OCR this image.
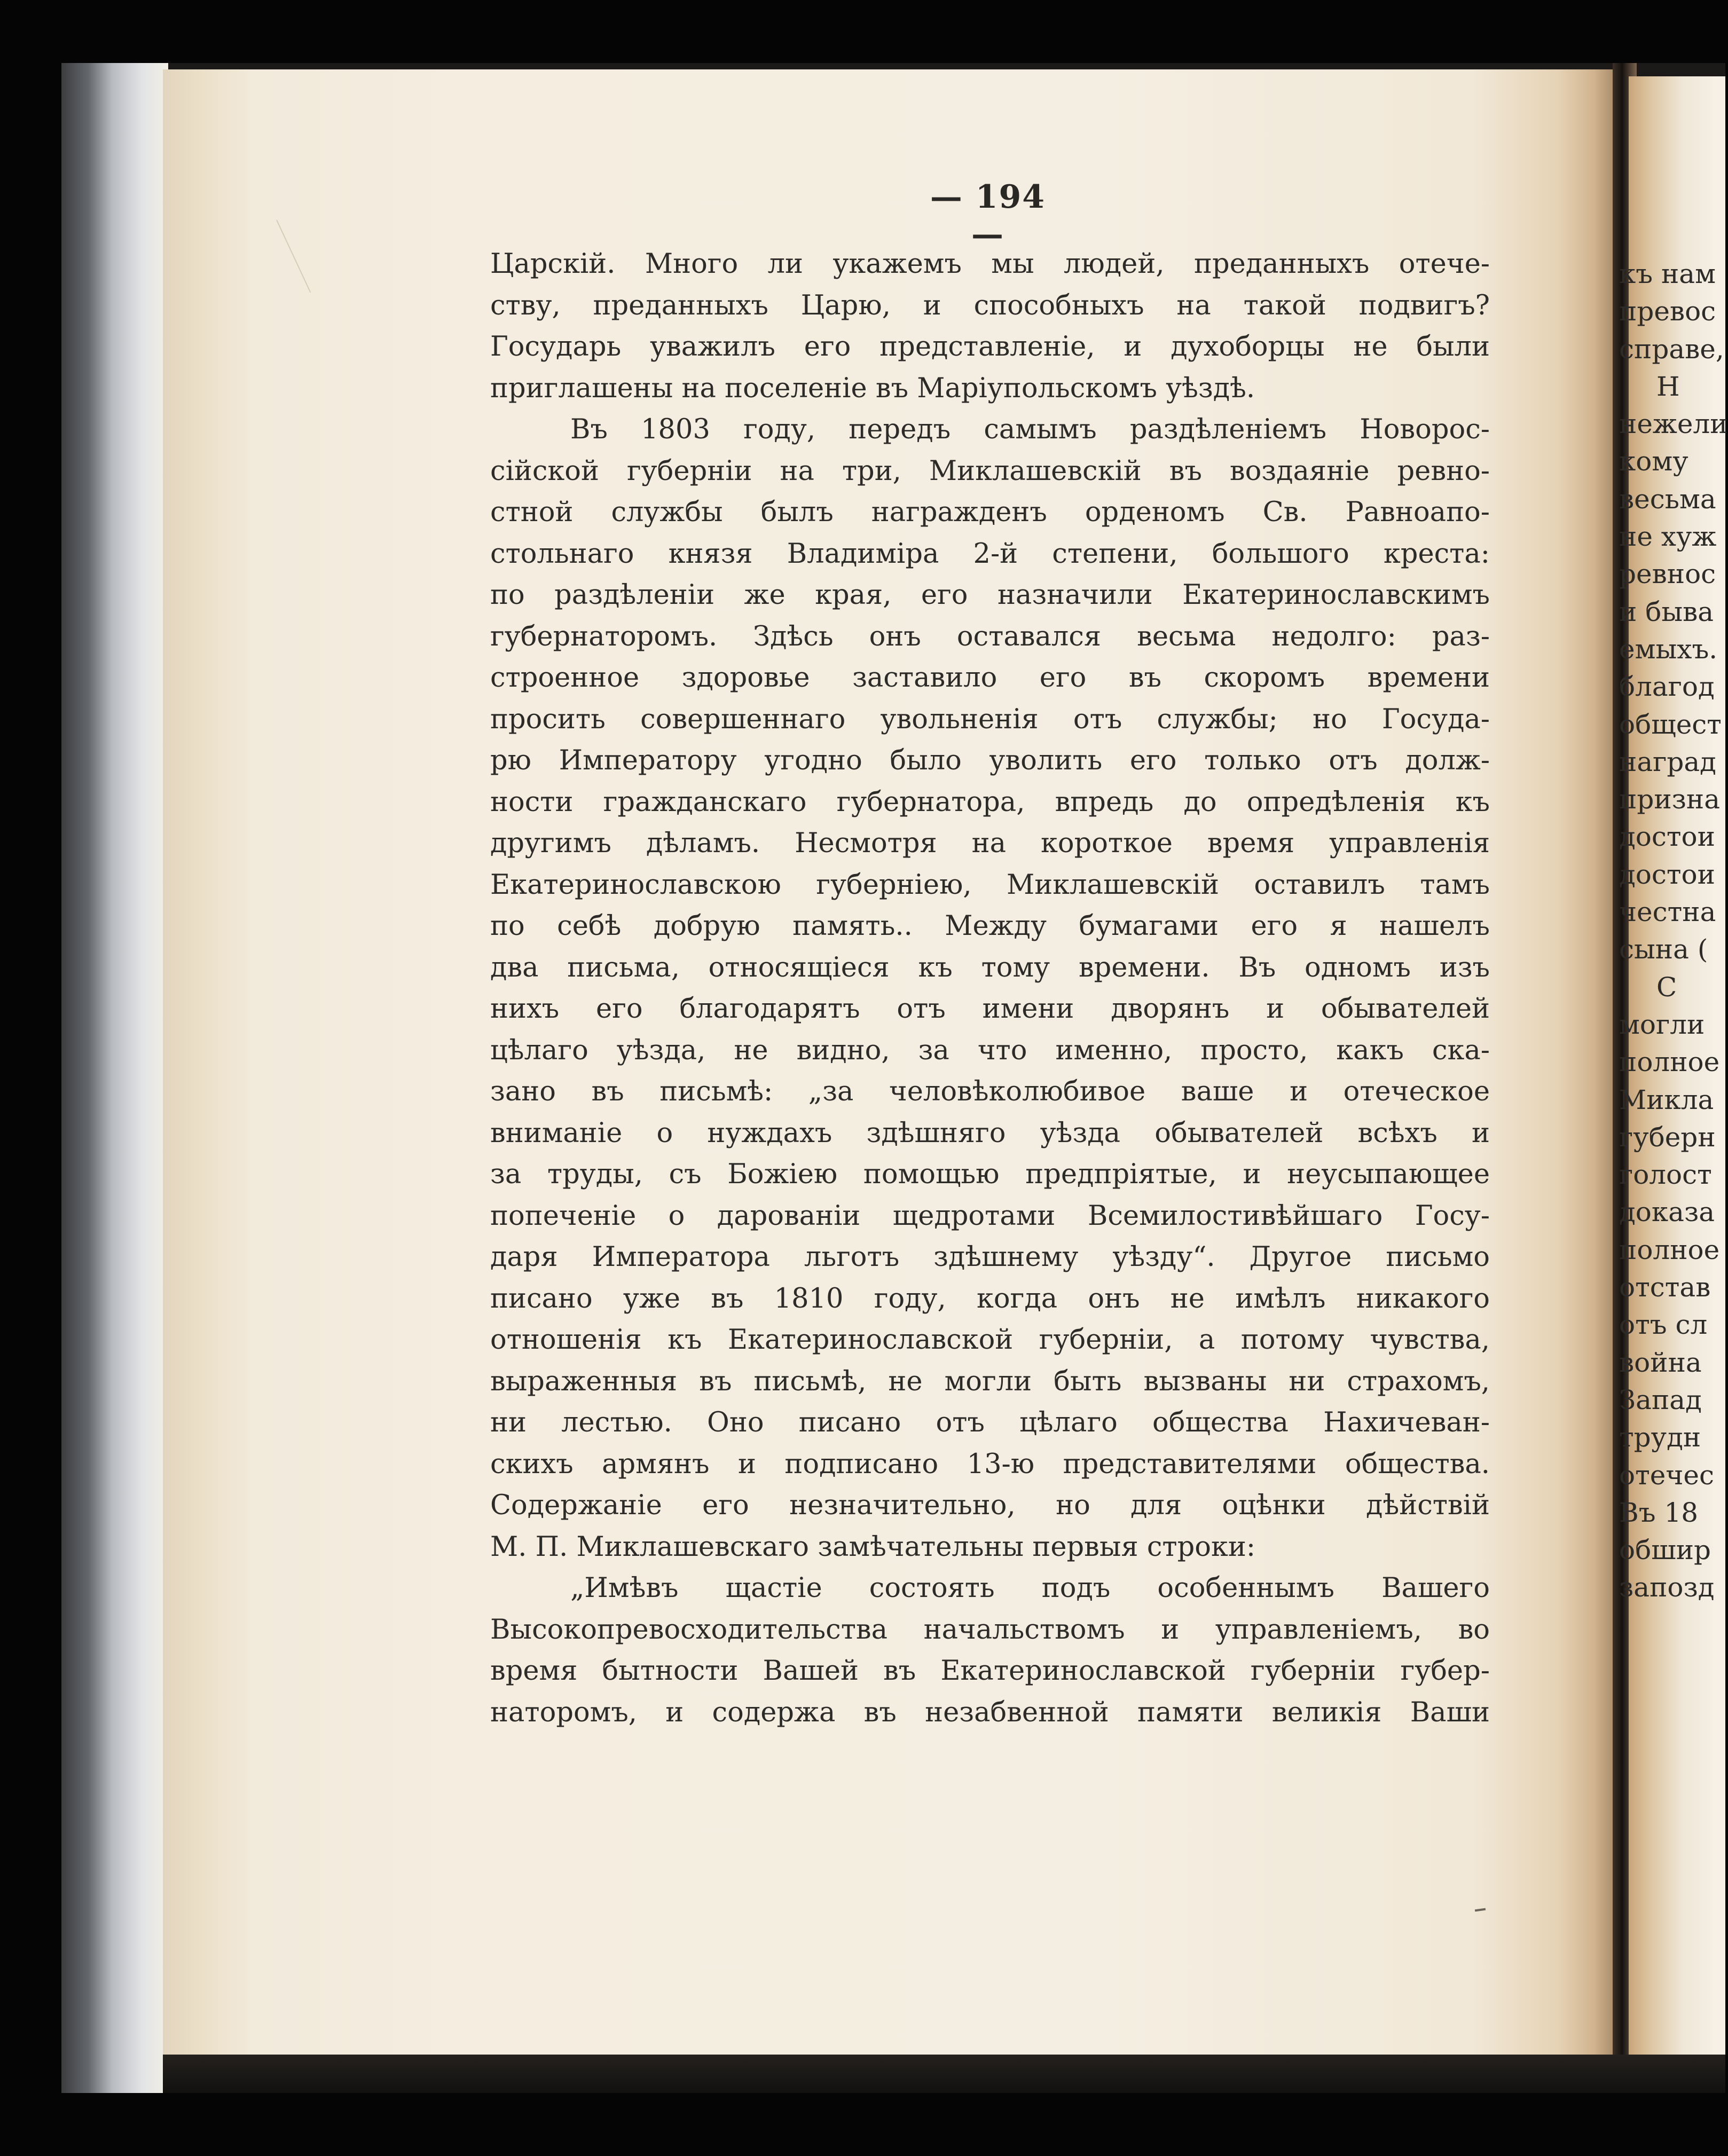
— 194 —
Царскій. Много ли укажемъ мы людей, преданныхъ отече-
ству, преданныхъ Царю, и способныхъ на такой подвигъ?
Государь уважилъ его представленіе, и духоборцы не были
приглашены на поселеніе въ Маріупольскомъ уѣздѣ.
Въ 1803 году, передъ самымъ раздѣленіемъ Новорос-
сійской губерніи на три, Миклашевскій въ воздаяніе ревно-
стной службы былъ награжденъ орденомъ Св. Равноапо-
стольнаго князя Владиміра 2-й степени, большого креста:
по раздѣленіи же края, его назначили Екатеринославскимъ
губернаторомъ. Здѣсь онъ оставался весьма недолго: раз-
строенное здоровье заставило его въ скоромъ времени
просить совершеннаго увольненія отъ службы; но Госуда-
рю Императору угодно было уволить его только отъ долж-
ности гражданскаго губернатора, впредь до опредѣленія къ
другимъ дѣламъ. Несмотря на короткое время управленія
Екатеринославскою губерніею, Миклашевскій оставилъ тамъ
по себѣ добрую память.. Между бумагами его я нашелъ
два письма, относящіеся къ тому времени. Въ одномъ изъ
нихъ его благодарятъ отъ имени дворянъ и обывателей
цѣлаго уѣзда, не видно, за что именно, просто, какъ ска-
зано въ письмѣ: „за человѣколюбивое ваше и отеческое
вниманіе о нуждахъ здѣшняго уѣзда обывателей всѣхъ и
за труды, съ Божіею помощью предпріятые, и неусыпающее
попеченіе о дарованіи щедротами Всемилостивѣйшаго Госу-
даря Императора льготъ здѣшнему уѣзду“. Другое письмо
писано уже въ 1810 году, когда онъ не имѣлъ никакого
отношенія къ Екатеринославской губерніи, а потому чувства,
выраженныя въ письмѣ, не могли быть вызваны ни страхомъ,
ни лестью. Оно писано отъ цѣлаго общества Нахичеван-
скихъ армянъ и подписано 13-ю представителями общества.
Содержаніе его незначительно, но для оцѣнки дѣйствій
М. П. Миклашевскаго замѣчательны первыя строки:
„Имѣвъ щастіе состоять подъ особеннымъ Вашего
Высокопревосходительства начальствомъ и управленіемъ, во
время бытности Вашей въ Екатеринославской губерніи губер-
наторомъ, и содержа въ незабвенной памяти великія Ваши
къ нам
превос
справе,
Н
нежели
кому
весьма
не хуж
ревнос
и быва
емыхъ.
благод
общест
наград
призна
достои
достои
честна
сына (
С
могли
полное
Микла
губерн
голост
доказа
полное
отстав
отъ сл
война
Запад
трудн
отечес
Въ 18
обшир
запозд
